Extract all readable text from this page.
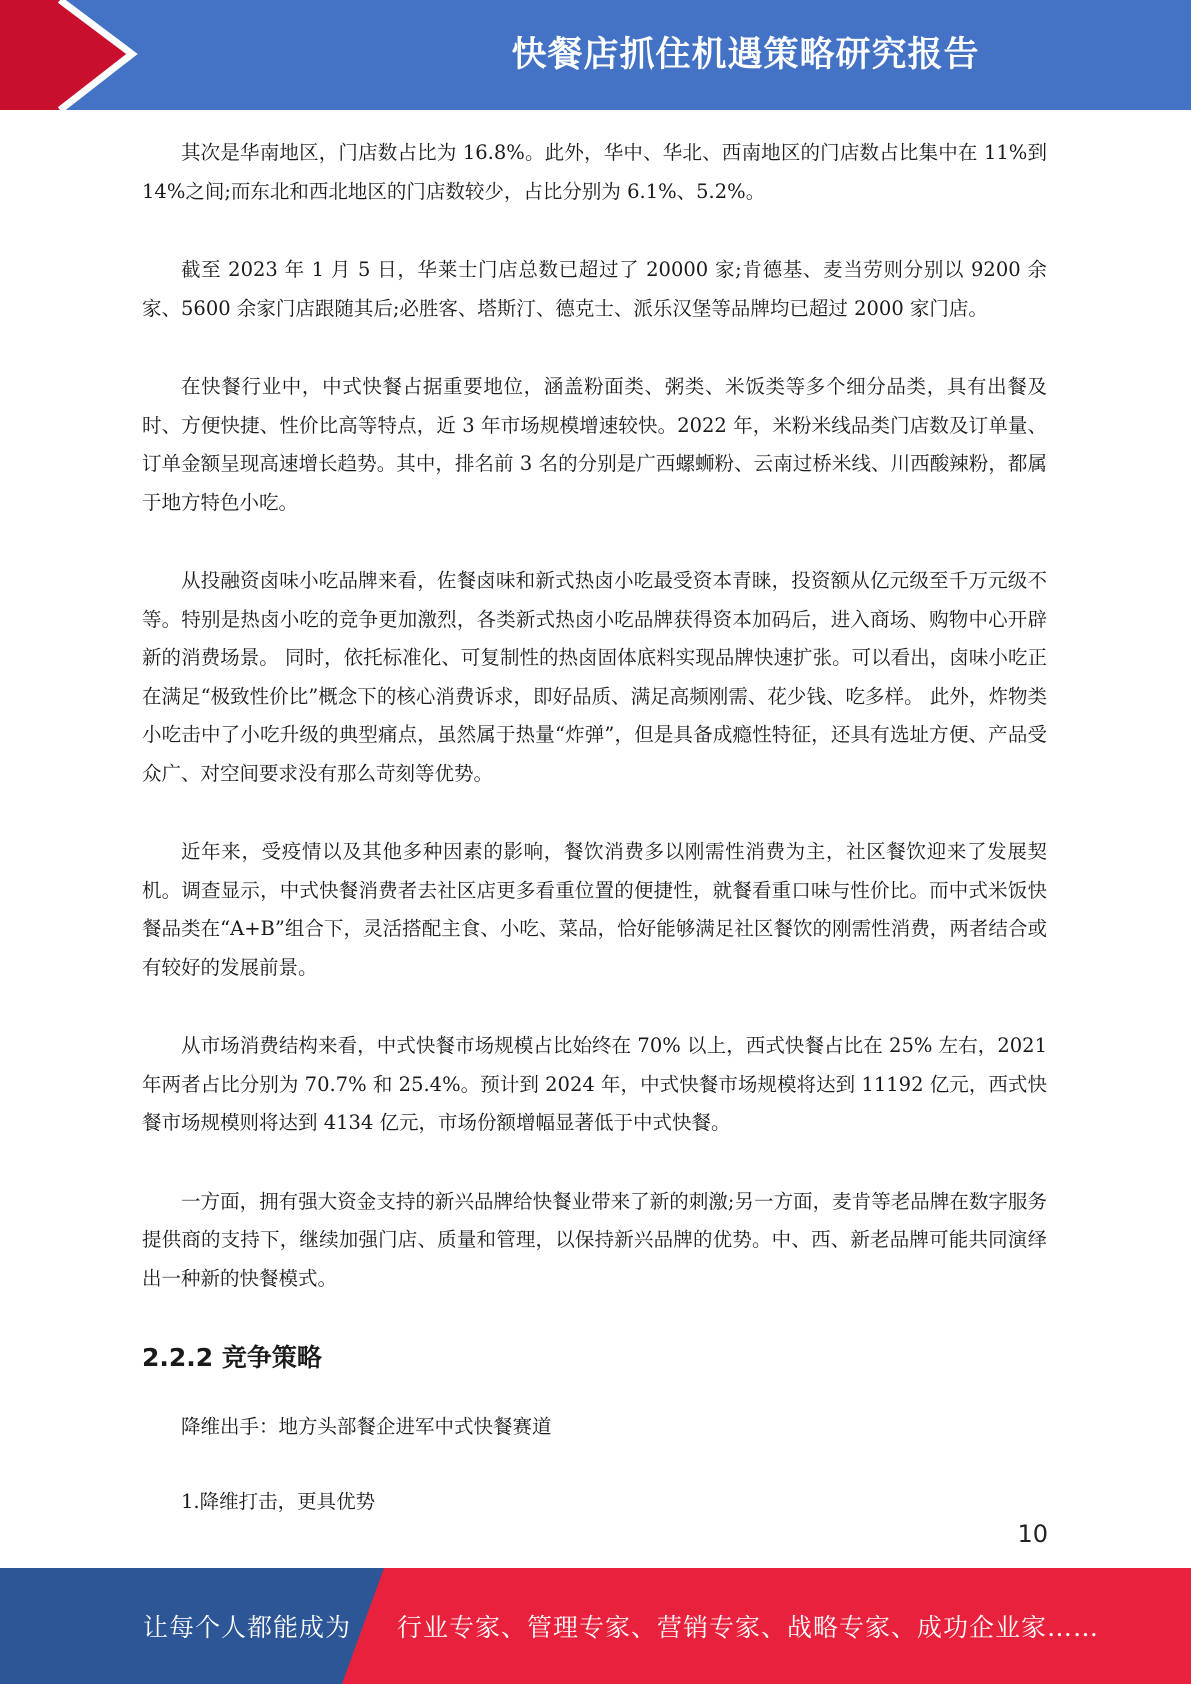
快餐店抓住机遇策略研究报告

其次是华南地区，门店数占比为 16.8%。此外，华中、华北、西南地区的门店数占比集中在 11%到 14%之间;而东北和西北地区的门店数较少，占比分别为 6.1%、5.2%。

截至 2023 年 1 月 5 日，华莱士门店总数已超过了 20000 家;肯德基、麦当劳则分别以 9200 余家、5600 余家门店跟随其后;必胜客、塔斯汀、德克士、派乐汉堡等品牌均已超过 2000 家门店。

在快餐行业中，中式快餐占据重要地位，涵盖粉面类、粥类、米饭类等多个细分品类，具有出餐及时、方便快捷、性价比高等特点，近 3 年市场规模增速较快。2022 年，米粉米线品类门店数及订单量、订单金额呈现高速增长趋势。其中，排名前 3 名的分别是广西螺蛳粉、云南过桥米线、川西酸辣粉，都属于地方特色小吃。

从投融资卤味小吃品牌来看，佐餐卤味和新式热卤小吃最受资本青睐，投资额从亿元级至千万元级不等。特别是热卤小吃的竞争更加激烈，各类新式热卤小吃品牌获得资本加码后，进入商场、购物中心开辟新的消费场景。 同时，依托标准化、可复制性的热卤固体底料实现品牌快速扩张。可以看出，卤味小吃正在满足“极致性价比”概念下的核心消费诉求，即好品质、满足高频刚需、花少钱、吃多样。 此外，炸物类小吃击中了小吃升级的典型痛点，虽然属于热量“炸弹”，但是具备成瘾性特征，还具有选址方便、产品受众广、对空间要求没有那么苛刻等优势。

近年来，受疫情以及其他多种因素的影响，餐饮消费多以刚需性消费为主，社区餐饮迎来了发展契机。调查显示，中式快餐消费者去社区店更多看重位置的便捷性，就餐看重口味与性价比。而中式米饭快餐品类在“A+B”组合下，灵活搭配主食、小吃、菜品，恰好能够满足社区餐饮的刚需性消费，两者结合或有较好的发展前景。

从市场消费结构来看，中式快餐市场规模占比始终在 70% 以上，西式快餐占比在 25% 左右，2021 年两者占比分别为 70.7% 和 25.4%。预计到 2024 年，中式快餐市场规模将达到 11192 亿元，西式快餐市场规模则将达到 4134 亿元，市场份额增幅显著低于中式快餐。

一方面，拥有强大资金支持的新兴品牌给快餐业带来了新的刺激;另一方面，麦肯等老品牌在数字服务提供商的支持下，继续加强门店、质量和管理，以保持新兴品牌的优势。中、西、新老品牌可能共同演绎出一种新的快餐模式。

2.2.2 竞争策略

降维出手：地方头部餐企进军中式快餐赛道

1.降维打击，更具优势

10
让每个人都能成为 行业专家、管理专家、营销专家、战略专家、成功企业家……
